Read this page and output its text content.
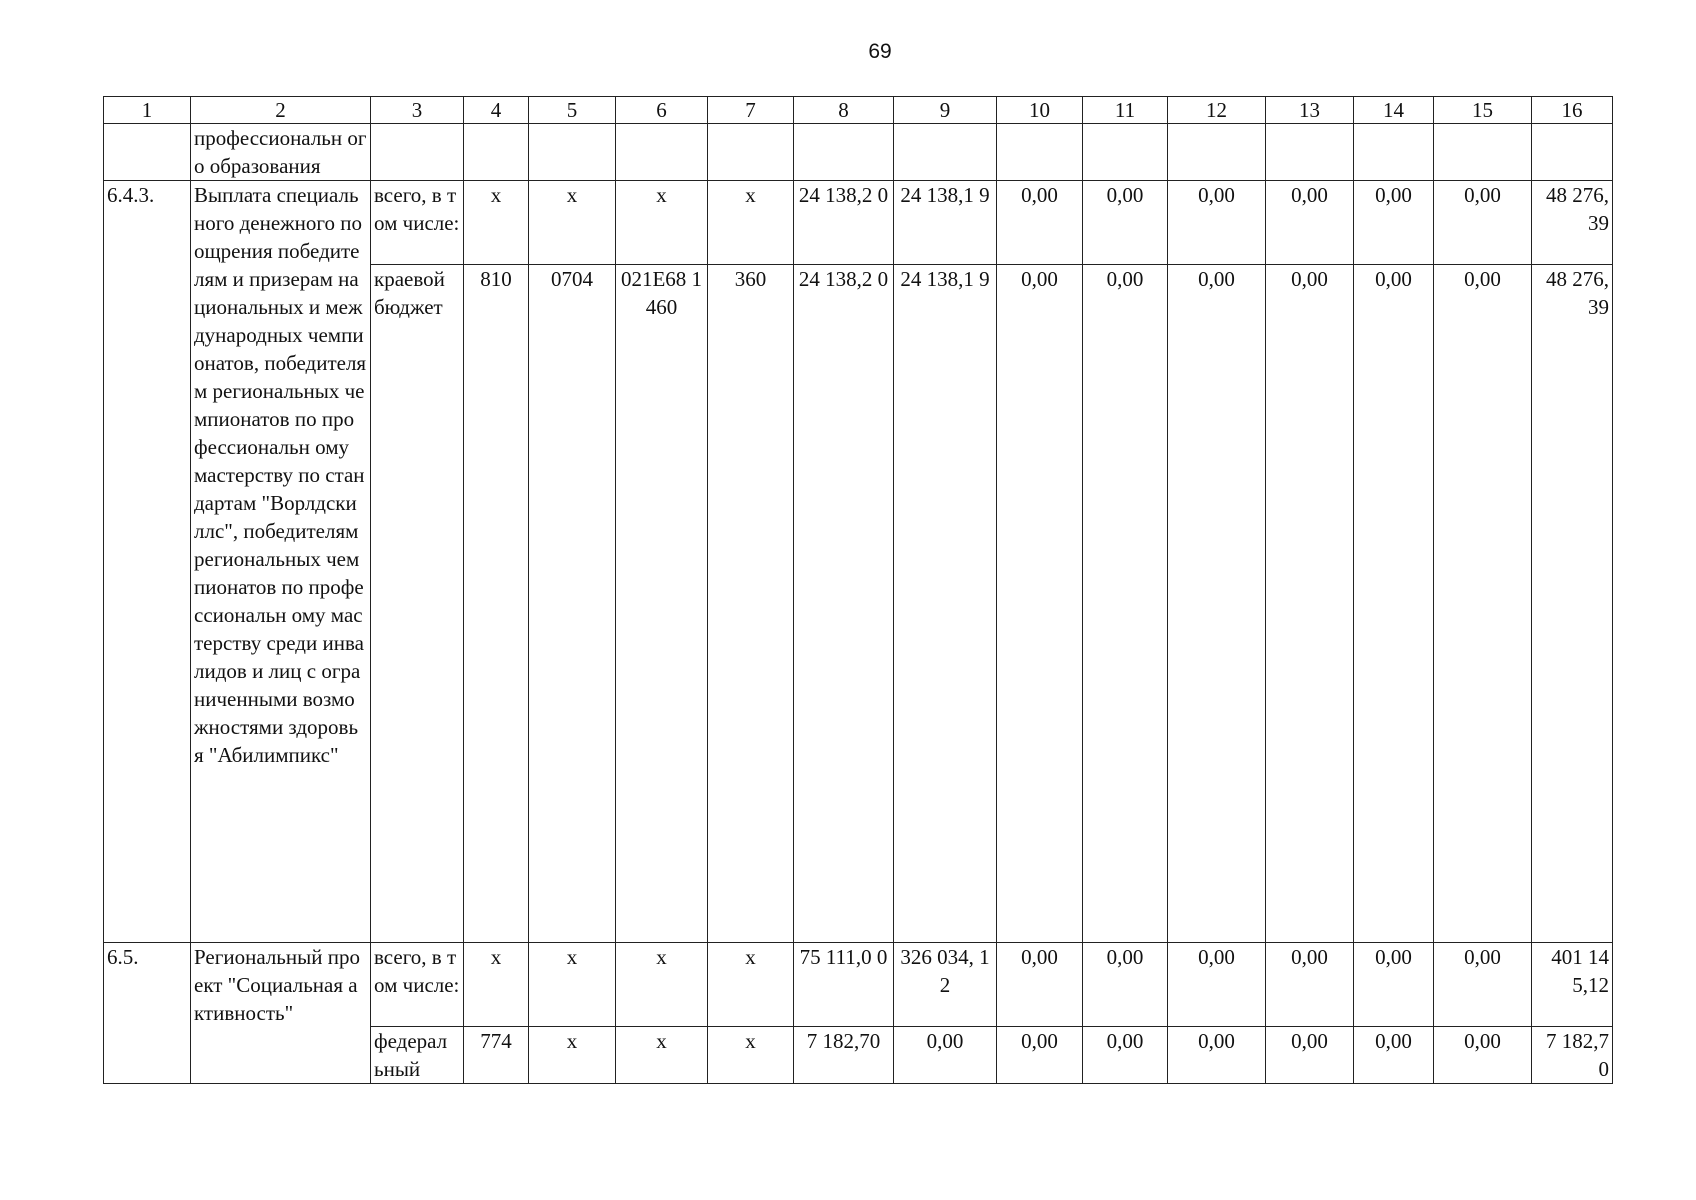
69
1	2	3	4	5	6	7	8	9	10	11	12	13	14	15	16
	профессиональн ого образования														
6.4.3.	Выплата специального денежного поощрения победителям и призерам национальных и международных чемпионатов, победителям региональных чемпионатов по профессиональн ому мастерству по стандартам "Ворлдскиллс", победителям региональных чемпионатов по профессиональн ому мастерству среди инвалидов и лиц с ограниченными возможностями здоровья "Абилимпикс"	всего, в том числе:	х	х	х	х	24 138,2 0	24 138,1 9	0,00	0,00	0,00	0,00	0,00	0,00	48 276, 39
		краевой бюджет	810	0704	021Е68 1460	360	24 138,2 0	24 138,1 9	0,00	0,00	0,00	0,00	0,00	0,00	48 276, 39
6.5.	Региональный проект "Социальная активность"	всего, в том числе:	х	х	х	х	75 111,0 0	326 034, 12	0,00	0,00	0,00	0,00	0,00	0,00	401 14 5,12
		федерал ьный	774	х	х	х	7 182,70	0,00	0,00	0,00	0,00	0,00	0,00	0,00	7 182,7 0
